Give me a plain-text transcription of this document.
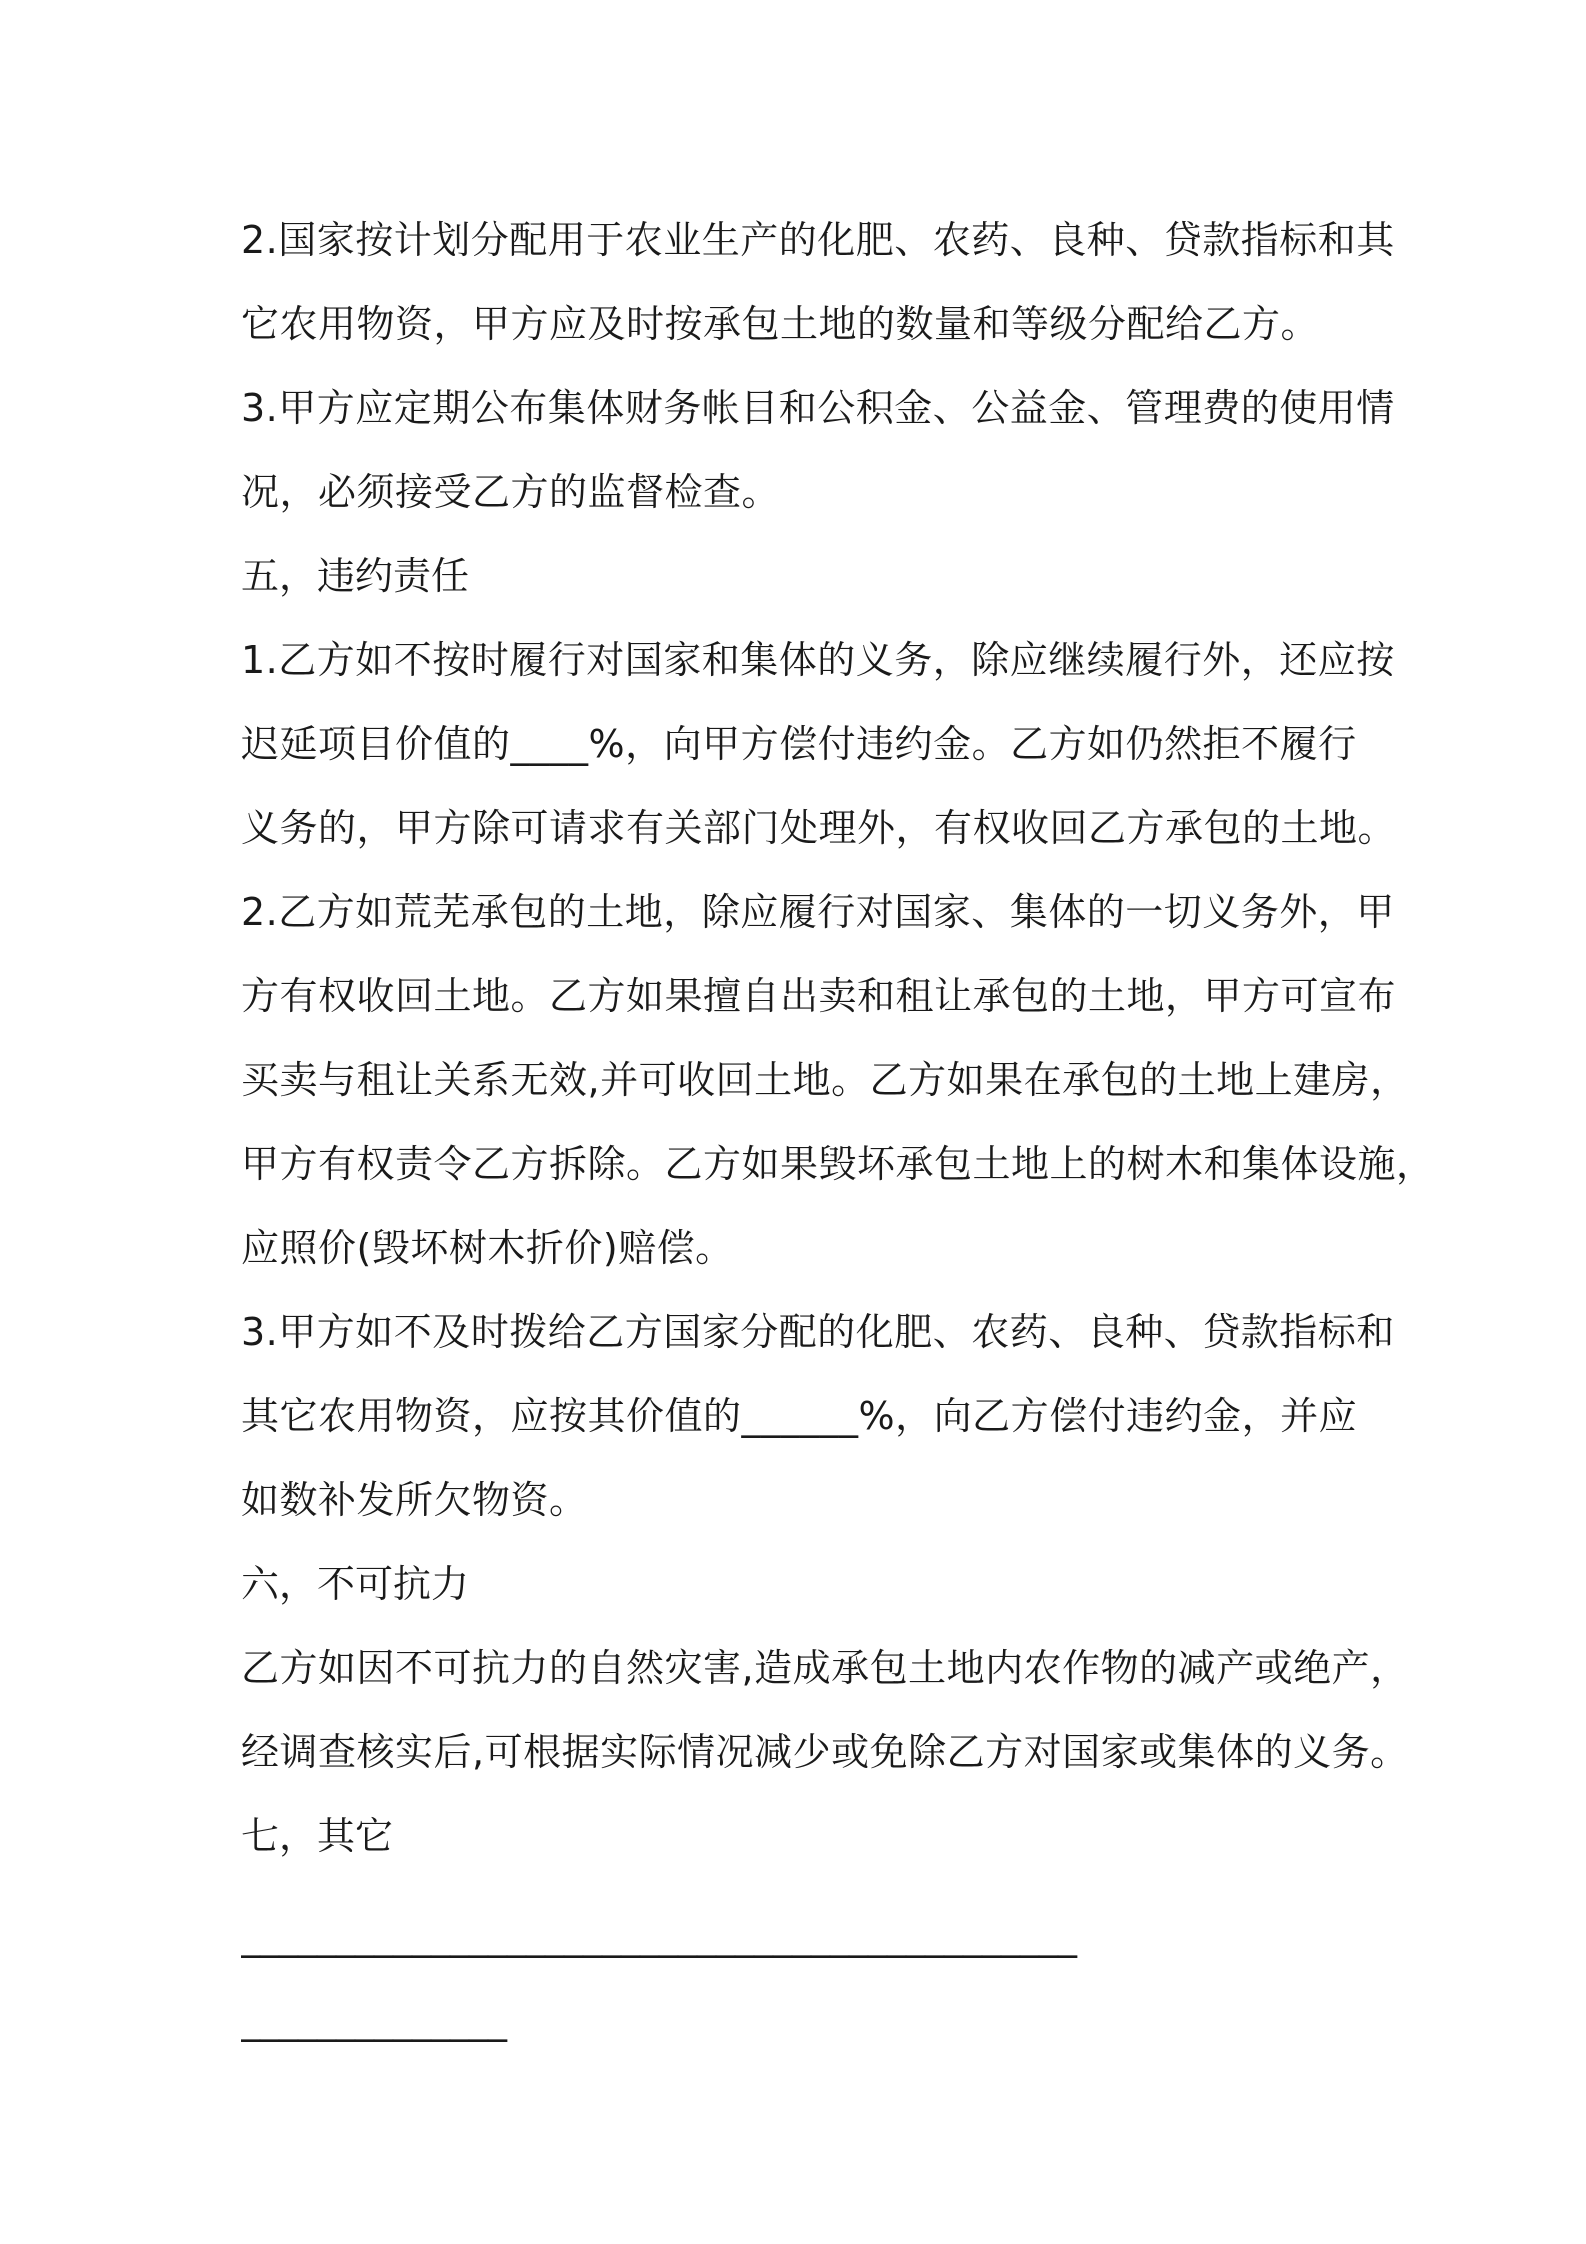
2.国家按计划分配用于农业生产的化肥、农药、良种、贷款指标和其
它农用物资，甲方应及时按承包土地的数量和等级分配给乙方。
3.甲方应定期公布集体财务帐目和公积金、公益金、管理费的使用情
况，必须接受乙方的监督检查。
五，违约责任
1.乙方如不按时履行对国家和集体的义务，除应继续履行外，还应按
迟延项目价值的____%，向甲方偿付违约金。乙方如仍然拒不履行
义务的，甲方除可请求有关部门处理外，有权收回乙方承包的土地。
2.乙方如荒芜承包的土地，除应履行对国家、集体的一切义务外，甲
方有权收回土地。乙方如果擅自出卖和租让承包的土地，甲方可宣布
买卖与租让关系无效,并可收回土地。乙方如果在承包的土地上建房，
甲方有权责令乙方拆除。乙方如果毁坏承包土地上的树木和集体设施，
应照价(毁坏树木折价)赔偿。
3.甲方如不及时拨给乙方国家分配的化肥、农药、良种、贷款指标和
其它农用物资，应按其价值的______%，向乙方偿付违约金，并应
如数补发所欠物资。
六，不可抗力
乙方如因不可抗力的自然灾害,造成承包土地内农作物的减产或绝产，
经调查核实后,可根据实际情况减少或免除乙方对国家或集体的义务。
七，其它
____________________________________________
______________
